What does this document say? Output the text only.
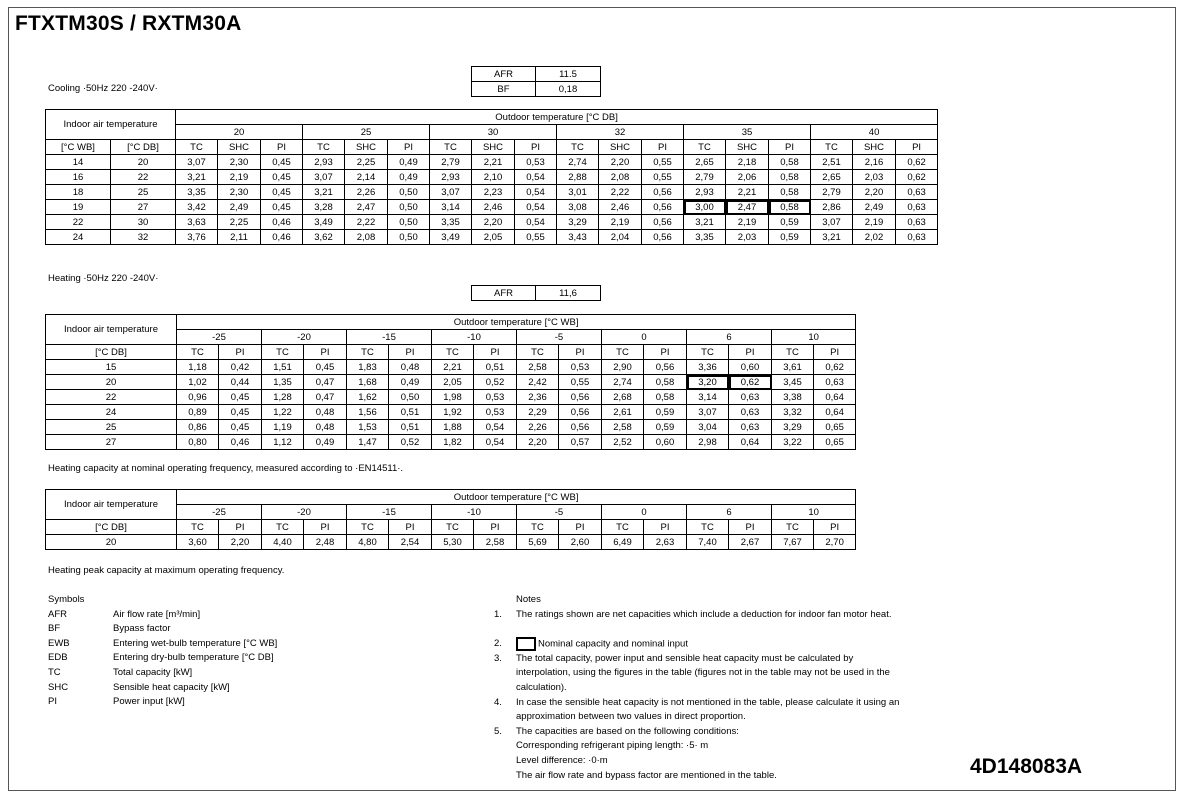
FTXTM30S / RXTM30A
Cooling ·50Hz 220 -240V·
AFR	11.5
BF	0,18
Indoor air temperature		Outdoor temperature [°C DB]																	
		20			25			30			32			35			40		
[°C WB]	[°C DB]	TC	SHC	PI	TC	SHC	PI	TC	SHC	PI	TC	SHC	PI	TC	SHC	PI	TC	SHC	PI
14	20	3,07	2,30	0,45	2,93	2,25	0,49	2,79	2,21	0,53	2,74	2,20	0,55	2,65	2,18	0,58	2,51	2,16	0,62
16	22	3,21	2,19	0,45	3,07	2,14	0,49	2,93	2,10	0,54	2,88	2,08	0,55	2,79	2,06	0,58	2,65	2,03	0,62
18	25	3,35	2,30	0,45	3,21	2,26	0,50	3,07	2,23	0,54	3,01	2,22	0,56	2,93	2,21	0,58	2,79	2,20	0,63
19	27	3,42	2,49	0,45	3,28	2,47	0,50	3,14	2,46	0,54	3,08	2,46	0,56	3,00	2,47	0,58	2,86	2,49	0,63
22	30	3,63	2,25	0,46	3,49	2,22	0,50	3,35	2,20	0,54	3,29	2,19	0,56	3,21	2,19	0,59	3,07	2,19	0,63
24	32	3,76	2,11	0,46	3,62	2,08	0,50	3,49	2,05	0,55	3,43	2,04	0,56	3,35	2,03	0,59	3,21	2,02	0,63
Heating ·50Hz 220 -240V·
AFR	11,6
Indoor air temperature	Outdoor temperature [°C WB]															
	-25		-20		-15		-10		-5		0		6		10	
[°C DB]	TC	PI	TC	PI	TC	PI	TC	PI	TC	PI	TC	PI	TC	PI	TC	PI
15	1,18	0,42	1,51	0,45	1,83	0,48	2,21	0,51	2,58	0,53	2,90	0,56	3,36	0,60	3,61	0,62
20	1,02	0,44	1,35	0,47	1,68	0,49	2,05	0,52	2,42	0,55	2,74	0,58	3,20	0,62	3,45	0,63
22	0,96	0,45	1,28	0,47	1,62	0,50	1,98	0,53	2,36	0,56	2,68	0,58	3,14	0,63	3,38	0,64
24	0,89	0,45	1,22	0,48	1,56	0,51	1,92	0,53	2,29	0,56	2,61	0,59	3,07	0,63	3,32	0,64
25	0,86	0,45	1,19	0,48	1,53	0,51	1,88	0,54	2,26	0,56	2,58	0,59	3,04	0,63	3,29	0,65
27	0,80	0,46	1,12	0,49	1,47	0,52	1,82	0,54	2,20	0,57	2,52	0,60	2,98	0,64	3,22	0,65
Heating capacity at nominal operating frequency, measured according to ·EN14511·.
Indoor air temperature	Outdoor temperature [°C WB]															
	-25		-20		-15		-10		-5		0		6		10	
[°C DB]	TC	PI	TC	PI	TC	PI	TC	PI	TC	PI	TC	PI	TC	PI	TC	PI
20	3,60	2,20	4,40	2,48	4,80	2,54	5,30	2,58	5,69	2,60	6,49	2,63	7,40	2,67	7,67	2,70
Heating peak capacity at maximum operating frequency.
Symbols
AFR	Air flow rate [m³/min]
BF	Bypass factor
EWB	Entering wet-bulb temperature [°C WB]
EDB	Entering dry-bulb temperature [°C DB]
TC	Total capacity [kW]
SHC	Sensible heat capacity [kW]
PI	Power input [kW]
Notes
1.	The ratings shown are net capacities which include a deduction for indoor fan motor heat.
2.	Nominal capacity and nominal input
3.	The total capacity, power input and sensible heat capacity must be calculated by
interpolation, using the figures in the table (figures not in the table may not be used in the
calculation).
4.	In case the sensible heat capacity is not mentioned in the table, please calculate it using an
approximation between two values in direct proportion.
5.	The capacities are based on the following conditions:
Corresponding refrigerant piping length: ·5· m
Level difference: ·0·m
The air flow rate and bypass factor are mentioned in the table.	4D148083A
